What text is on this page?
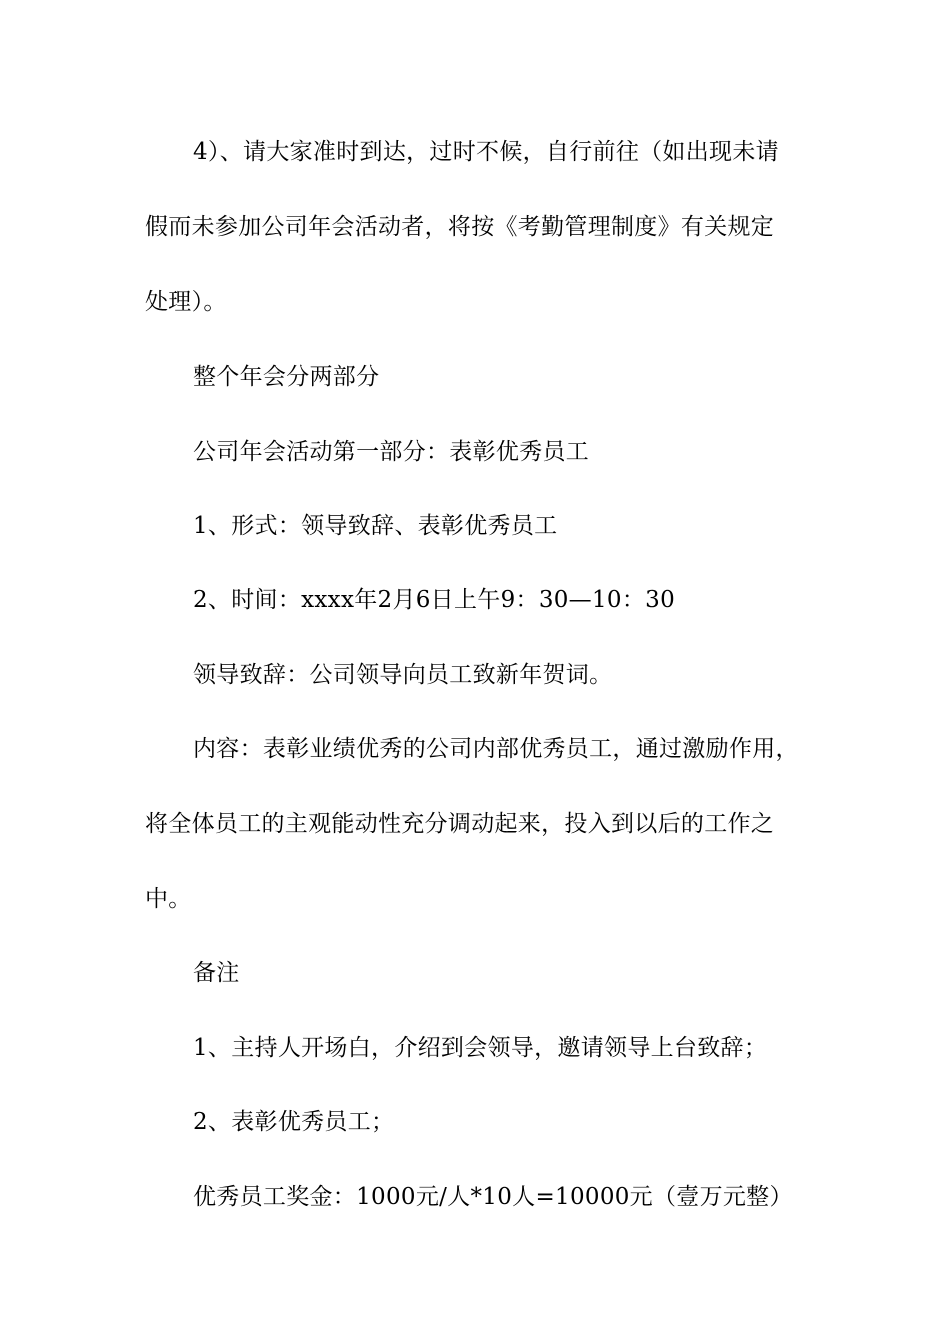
4）、请大家准时到达，过时不候，自行前往（如出现未请
假而未参加公司年会活动者，将按《考勤管理制度》有关规定
处理）。
整个年会分两部分
公司年会活动第一部分：表彰优秀员工
1、形式：领导致辞、表彰优秀员工
2、时间：xxxx年2月6日上午9：30—10：30
领导致辞：公司领导向员工致新年贺词。
内容：表彰业绩优秀的公司内部优秀员工，通过激励作用，
将全体员工的主观能动性充分调动起来，投入到以后的工作之
中。
备注
1、主持人开场白，介绍到会领导，邀请领导上台致辞；
2、表彰优秀员工；
优秀员工奖金：1000元/人*10人=10000元（壹万元整）
